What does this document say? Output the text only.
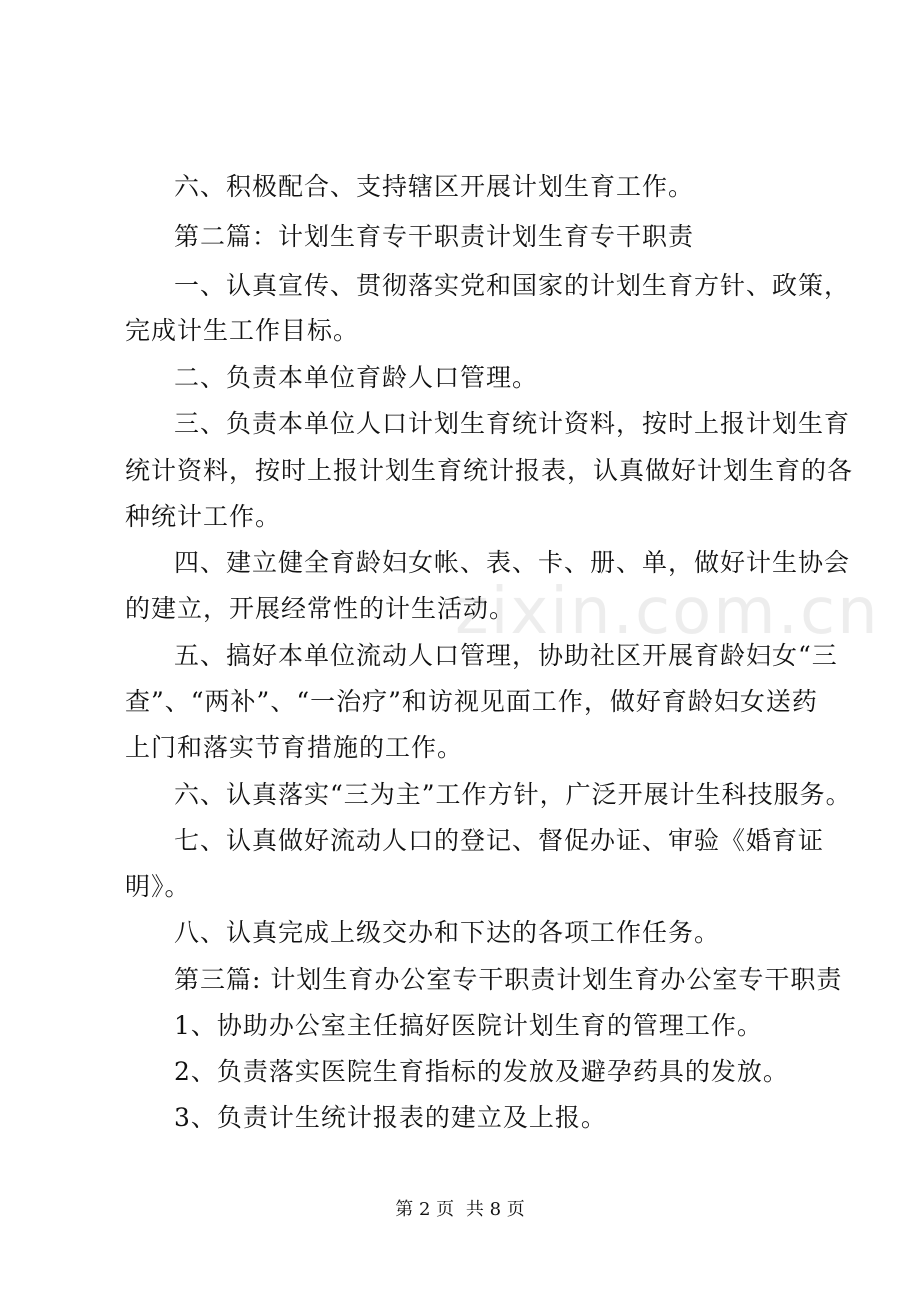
zixin.com.cn
六、积极配合、支持辖区开展计划生育工作。
第二篇：计划生育专干职责计划生育专干职责
一、认真宣传、贯彻落实党和国家的计划生育方针、政策，
完成计生工作目标。
二、负责本单位育龄人口管理。
三、负责本单位人口计划生育统计资料，按时上报计划生育
统计资料，按时上报计划生育统计报表，认真做好计划生育的各
种统计工作。
四、建立健全育龄妇女帐、表、卡、册、单，做好计生协会
的建立，开展经常性的计生活动。
五、搞好本单位流动人口管理，协助社区开展育龄妇女“三
查”、“两补”、“一治疗”和访视见面工作，做好育龄妇女送药
上门和落实节育措施的工作。
六、认真落实“三为主”工作方针，广泛开展计生科技服务。
七、认真做好流动人口的登记、督促办证、审验《婚育证
明》。
八、认真完成上级交办和下达的各项工作任务。
第三篇: 计划生育办公室专干职责计划生育办公室专干职责
1、协助办公室主任搞好医院计划生育的管理工作。
2、负责落实医院生育指标的发放及避孕药具的发放。
3、负责计生统计报表的建立及上报。
第 2 页 共 8 页
